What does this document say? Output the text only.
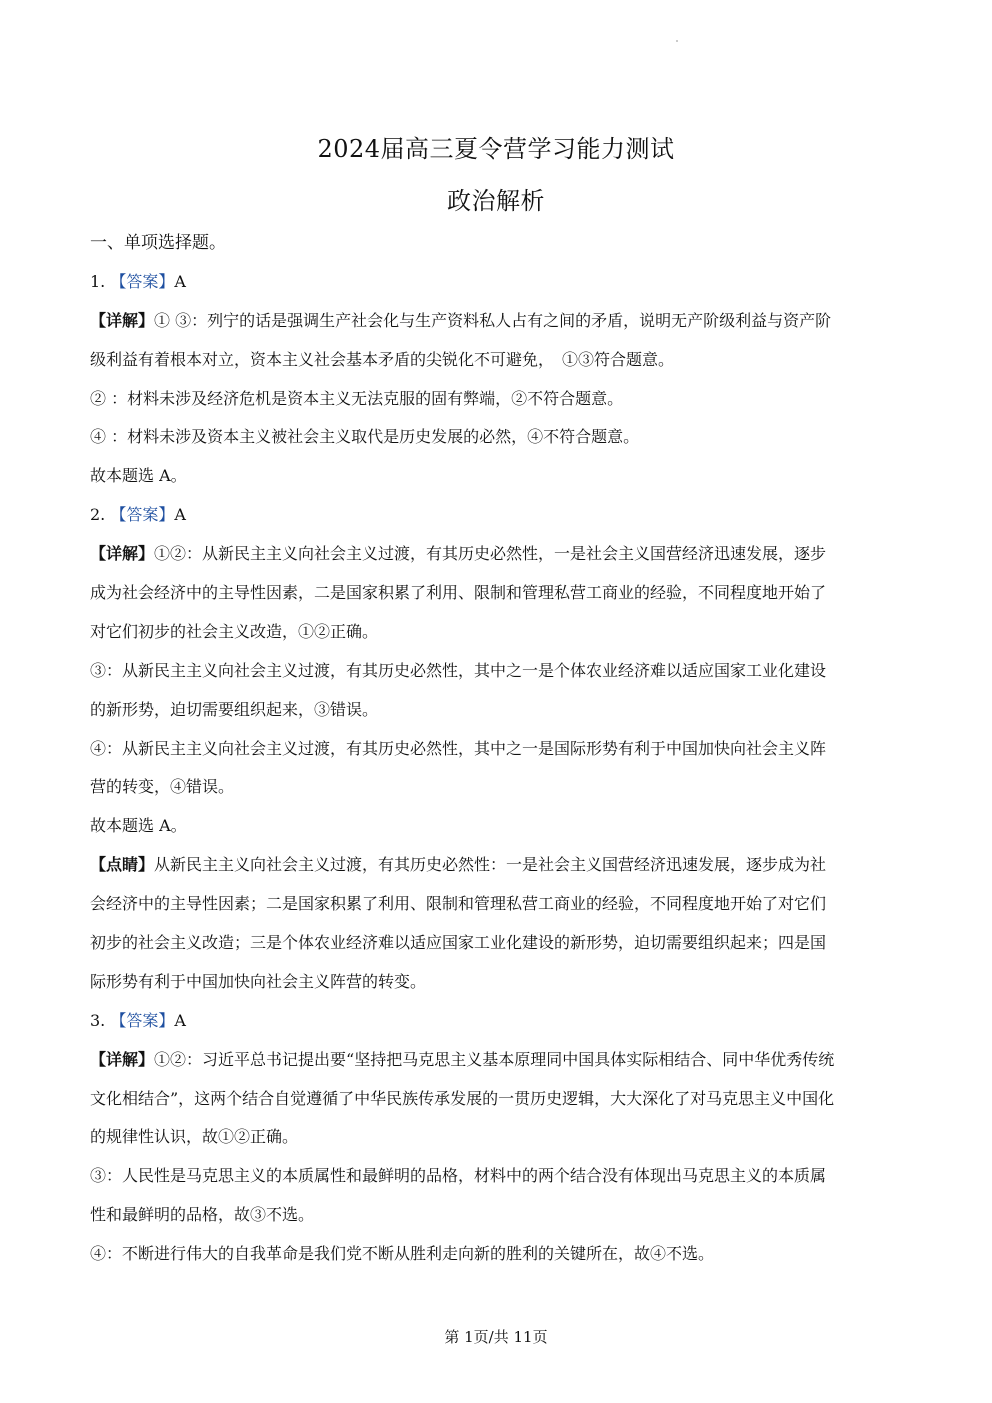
2024届高三夏令营学习能力测试
政治解析
一、单项选择题。
1. 【答案】A
【详解】① ③：列宁的话是强调生产社会化与生产资料私人占有之间的矛盾，说明无产阶级利益与资产阶
级利益有着根本对立，资本主义社会基本矛盾的尖锐化不可避免，　①③符合题意。
② ：材料未涉及经济危机是资本主义无法克服的固有弊端，②不符合题意。
④ ：材料未涉及资本主义被社会主义取代是历史发展的必然，④不符合题意。
故本题选 A。
2. 【答案】A
【详解】①②：从新民主主义向社会主义过渡，有其历史必然性，一是社会主义国营经济迅速发展，逐步
成为社会经济中的主导性因素，二是国家积累了利用、限制和管理私营工商业的经验，不同程度地开始了
对它们初步的社会主义改造，①②正确。
③：从新民主主义向社会主义过渡，有其历史必然性，其中之一是个体农业经济难以适应国家工业化建设
的新形势，迫切需要组织起来，③错误。
④：从新民主主义向社会主义过渡，有其历史必然性，其中之一是国际形势有利于中国加快向社会主义阵
营的转变，④错误。
故本题选 A。
【点睛】从新民主主义向社会主义过渡，有其历史必然性：一是社会主义国营经济迅速发展，逐步成为社
会经济中的主导性因素；二是国家积累了利用、限制和管理私营工商业的经验，不同程度地开始了对它们
初步的社会主义改造；三是个体农业经济难以适应国家工业化建设的新形势，迫切需要组织起来；四是国
际形势有利于中国加快向社会主义阵营的转变。
3. 【答案】A
【详解】①②：习近平总书记提出要“坚持把马克思主义基本原理同中国具体实际相结合、同中华优秀传统
文化相结合”，这两个结合自觉遵循了中华民族传承发展的一贯历史逻辑，大大深化了对马克思主义中国化
的规律性认识，故①②正确。
③：人民性是马克思主义的本质属性和最鲜明的品格，材料中的两个结合没有体现出马克思主义的本质属
性和最鲜明的品格，故③不选。
④：不断进行伟大的自我革命是我们党不断从胜利走向新的胜利的关键所在，故④不选。
第 1页/共 11页
